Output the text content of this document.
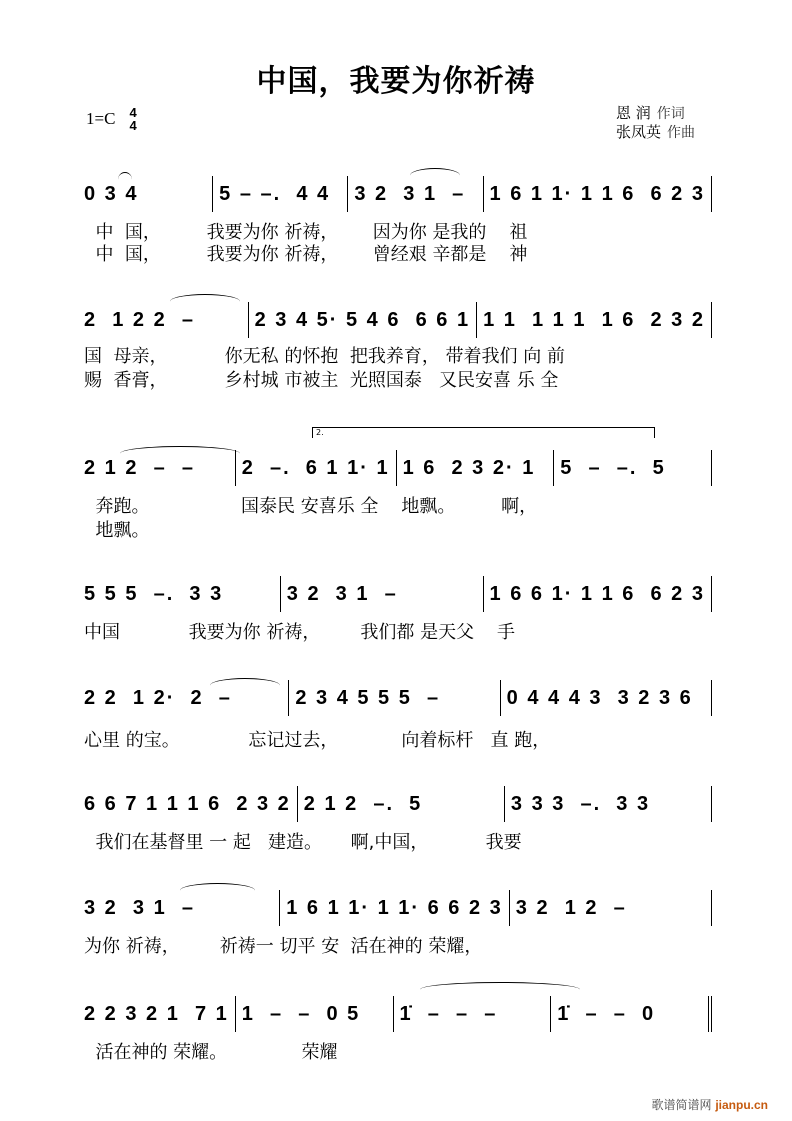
中国，我要为你祈祷
1=C 4
4
恩 润 作词
张凤英 作曲
2.
0 3 4	5 – –.  4 4	3 2  3 1  –	1 6 1 1· 1 1 6  6 2 3
中  国，        我要为你 祈祷，      因为你 是我的    祖
中  国，        我要为你 祈祷，      曾经艰 辛都是    神
2  1 2 2  –	2 3 4 5· 5 4 6  6 6 1 1 1  1 1 1  1 6  2 3 2
国  母亲，          你无私 的怀抱  把我养育， 带着我们 向 前
赐  香膏，          乡村城 市被主  光照国泰   又民安喜 乐 全
2 1 2  –  –	2  –.  6 1 1· 1 1 6  2 3 2· 1	5  –  –.  5
奔跑。                国泰民 安喜乐 全    地飘。        啊，
地飘。
5 5 5  –.  3 3	3 2  3 1  –	1 6 6 1· 1 1 6  6 2 3
中国            我要为你 祈祷，       我们都 是天父    手
2 2  1 2·  2  –	2 3 4 5 5 5  –	0 4 4 4 3  3 2 3 6
心里 的宝。            忘记过去，           向着标杆   直 跑，
6 6 7 1 1 1 6  2 3 2 2 1 2  –.  5	3 3 3  –.  3 3
我们在基督里 一 起   建造。     啊,中国，          我要
3 2  3 1  –	1 6 1 1· 1 1· 6 6 2 3 3 2  1 2  –
为你 祈祷，       祈祷一 切平 安  活在神的 荣耀，
2 2 3 2 1  7 1 1  –  –  0 5	1̇  –  –  –	1̇  –  –  0
活在神的 荣耀。             荣耀
歌谱简谱网 jianpu.cn
